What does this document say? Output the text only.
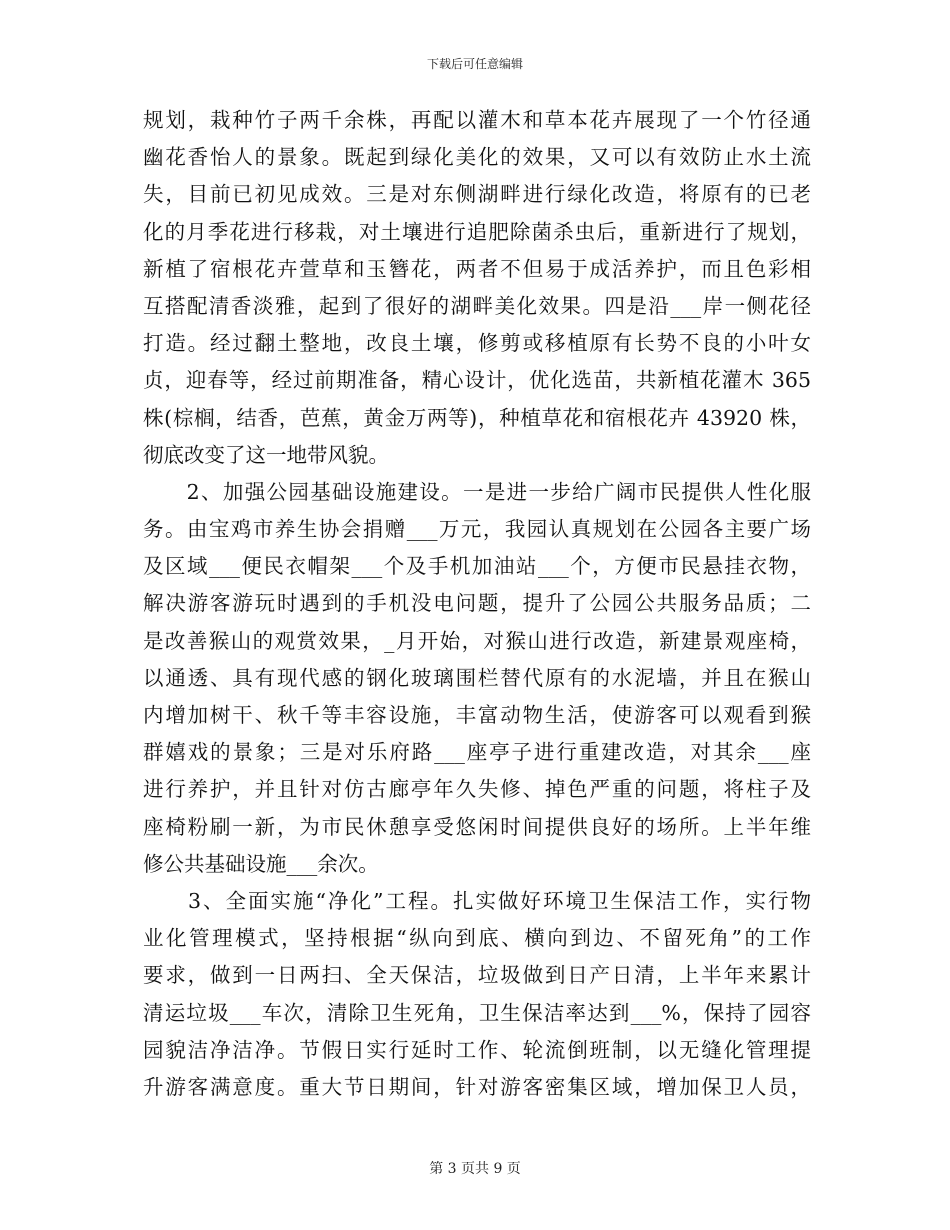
下载后可任意编辑
规划，栽种竹子两千余株，再配以灌木和草本花卉展现了一个竹径通
幽花香怡人的景象。既起到绿化美化的效果，又可以有效防止水土流
失，目前已初见成效。三是对东侧湖畔进行绿化改造，将原有的已老
化的月季花进行移栽，对土壤进行追肥除菌杀虫后，重新进行了规划，
新植了宿根花卉萱草和玉簪花，两者不但易于成活养护，而且色彩相
互搭配清香淡雅，起到了很好的湖畔美化效果。四是沿___岸一侧花径
打造。经过翻土整地，改良土壤，修剪或移植原有长势不良的小叶女
贞，迎春等，经过前期准备，精心设计，优化选苗，共新植花灌木 365
株(棕榈，结香，芭蕉，黄金万两等)，种植草花和宿根花卉 43920 株，
彻底改变了这一地带风貌。
　　2、加强公园基础设施建设。一是进一步给广阔市民提供人性化服
务。由宝鸡市养生协会捐赠___万元，我园认真规划在公园各主要广场
及区域___便民衣帽架___个及手机加油站___个，方便市民悬挂衣物，
解决游客游玩时遇到的手机没电问题，提升了公园公共服务品质；二
是改善猴山的观赏效果，_月开始，对猴山进行改造，新建景观座椅，
以通透、具有现代感的钢化玻璃围栏替代原有的水泥墙，并且在猴山
内增加树干、秋千等丰容设施，丰富动物生活，使游客可以观看到猴
群嬉戏的景象；三是对乐府路___座亭子进行重建改造，对其余___座
进行养护，并且针对仿古廊亭年久失修、掉色严重的问题，将柱子及
座椅粉刷一新，为市民休憩享受悠闲时间提供良好的场所。上半年维
修公共基础设施___余次。
　　3、全面实施“净化”工程。扎实做好环境卫生保洁工作，实行物
业化管理模式，坚持根据“纵向到底、横向到边、不留死角”的工作
要求，做到一日两扫、全天保洁，垃圾做到日产日清，上半年来累计
清运垃圾___车次，清除卫生死角，卫生保洁率达到___%，保持了园容
园貌洁净洁净。节假日实行延时工作、轮流倒班制，以无缝化管理提
升游客满意度。重大节日期间，针对游客密集区域，增加保卫人员，
第 3 页共 9 页
